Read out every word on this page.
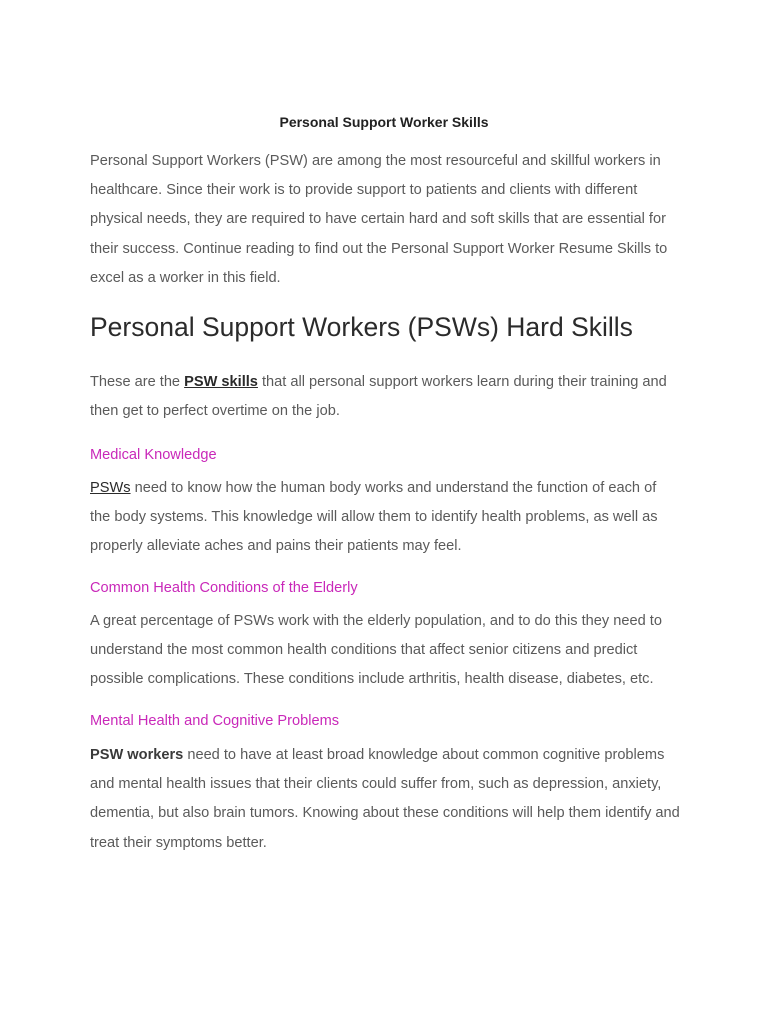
Personal Support Worker Skills

Personal Support Workers (PSW) are among the most resourceful and skillful workers in healthcare. Since their work is to provide support to patients and clients with different physical needs, they are required to have certain hard and soft skills that are essential for their success. Continue reading to find out the Personal Support Worker Resume Skills to excel as a worker in this field.

Personal Support Workers (PSWs) Hard Skills

These are the PSW skills that all personal support workers learn during their training and then get to perfect overtime on the job.

Medical Knowledge

PSWs need to know how the human body works and understand the function of each of the body systems. This knowledge will allow them to identify health problems, as well as properly alleviate aches and pains their patients may feel.

Common Health Conditions of the Elderly

A great percentage of PSWs work with the elderly population, and to do this they need to understand the most common health conditions that affect senior citizens and predict possible complications. These conditions include arthritis, health disease, diabetes, etc.

Mental Health and Cognitive Problems

PSW workers need to have at least broad knowledge about common cognitive problems and mental health issues that their clients could suffer from, such as depression, anxiety, dementia, but also brain tumors. Knowing about these conditions will help them identify and treat their symptoms better.
